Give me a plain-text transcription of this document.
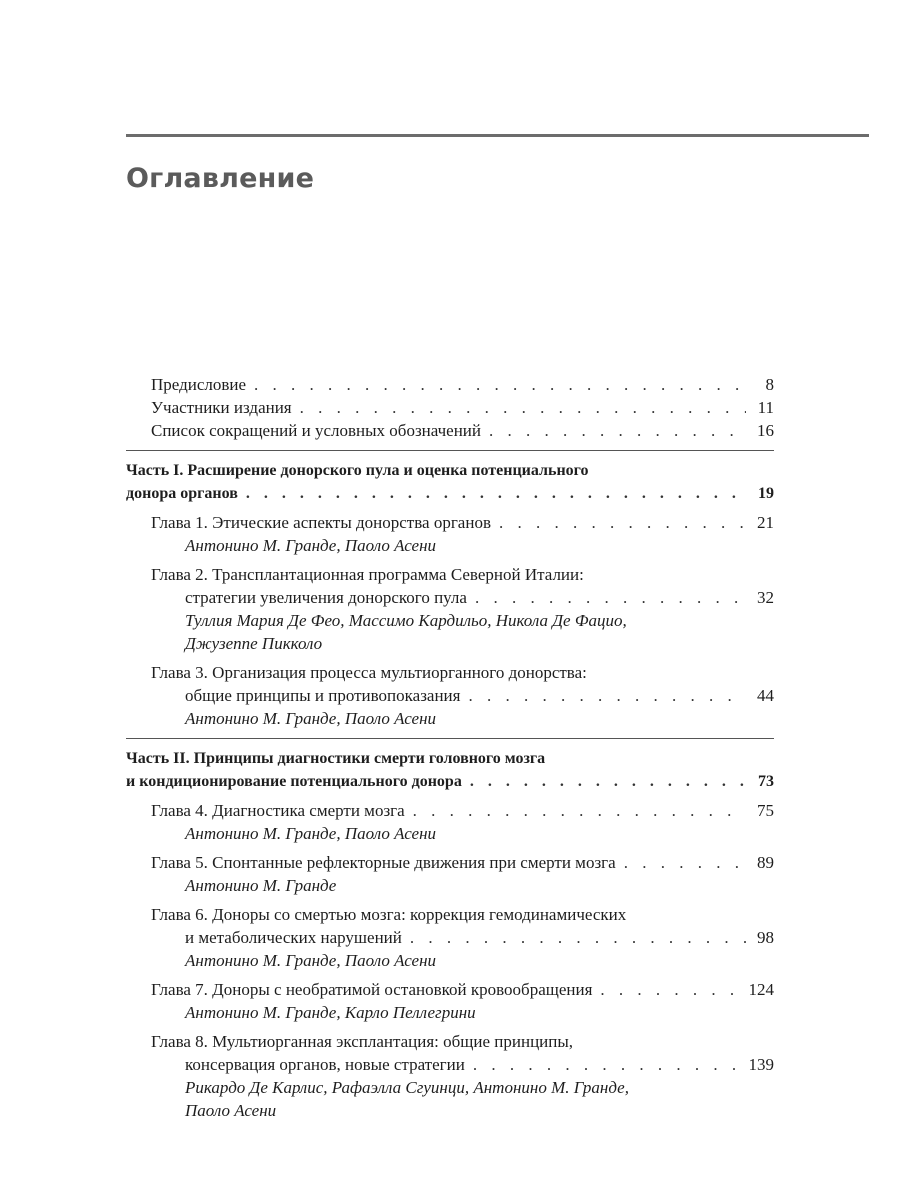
Оглавление
Предисловие . . .	8
Участники издания . . .	11
Список сокращений и условных обозначений . . .	16
Часть I. Расширение донорского пула и оценка потенциального
донора органов . . .	19
Глава 1. Этические аспекты донорства органов . . .	21
Антонино М. Гранде, Паоло Асени
Глава 2. Трансплантационная программа Северной Италии:
стратегии увеличения донорского пула . . .	32
Туллия Мария Де Фео, Массимо Кардильо, Никола Де Фацио,
Джузеппе Пикколо
Глава 3. Организация процесса мультиорганного донорства:
общие принципы и противопоказания . . .	44
Антонино М. Гранде, Паоло Асени
Часть II. Принципы диагностики смерти головного мозга
и кондиционирование потенциального донора . . .	73
Глава 4. Диагностика смерти мозга . . .	75
Антонино М. Гранде, Паоло Асени
Глава 5. Спонтанные рефлекторные движения при смерти мозга . . .	89
Антонино М. Гранде
Глава 6. Доноры со смертью мозга: коррекция гемодинамических
и метаболических нарушений . . .	98
Антонино М. Гранде, Паоло Асени
Глава 7. Доноры с необратимой остановкой кровообращения . . .	124
Антонино М. Гранде, Карло Пеллегрини
Глава 8. Мультиорганная эксплантация: общие принципы,
консервация органов, новые стратегии . . .	139
Рикардо Де Карлис, Рафаэлла Сгуинци, Антонино М. Гранде,
Паоло Асени
